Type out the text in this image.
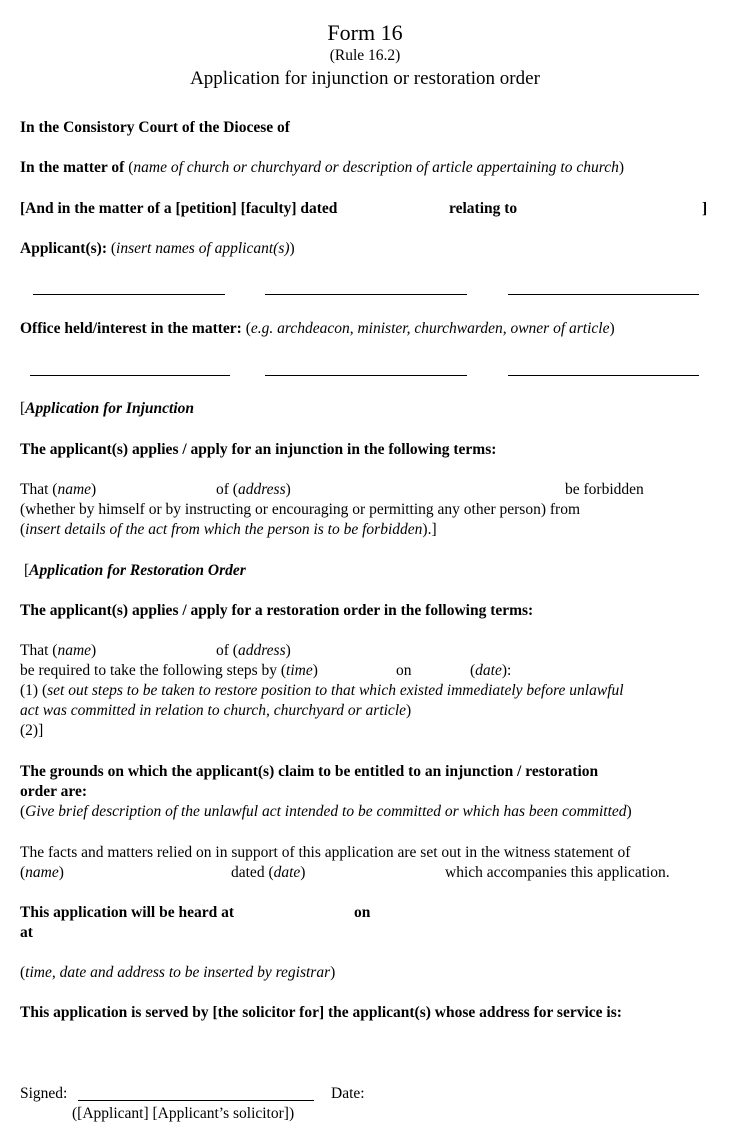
Form 16
(Rule 16.2)
Application for injunction or restoration order
In the Consistory Court of the Diocese of
In the matter of (name of church or churchyard or description of article appertaining to church)
[And in the matter of a [petition] [faculty] dated	relating to	]
Applicant(s): (insert names of applicant(s))
Office held/interest in the matter: (e.g. archdeacon, minister, churchwarden, owner of article)
[Application for Injunction
The applicant(s) applies / apply for an injunction in the following terms:
That (name)	of (address)	be forbidden
(whether by himself or by instructing or encouraging or permitting any other person) from
(insert details of the act from which the person is to be forbidden).]
[Application for Restoration Order
The applicant(s) applies / apply for a restoration order in the following terms:
That (name)	of (address)
be required to take the following steps by (time)	on	(date):
(1) (set out steps to be taken to restore position to that which existed immediately before unlawful
act was committed in relation to church, churchyard or article)
(2)]
The grounds on which the applicant(s) claim to be entitled to an injunction / restoration
order are:
(Give brief description of the unlawful act intended to be committed or which has been committed)
The facts and matters relied on in support of this application are set out in the witness statement of
(name)	dated (date)	which accompanies this application.
This application will be heard at	on
at
(time, date and address to be inserted by registrar)
This application is served by [the solicitor for] the applicant(s) whose address for service is:
Signed:	Date:
([Applicant] [Applicant’s solicitor])
